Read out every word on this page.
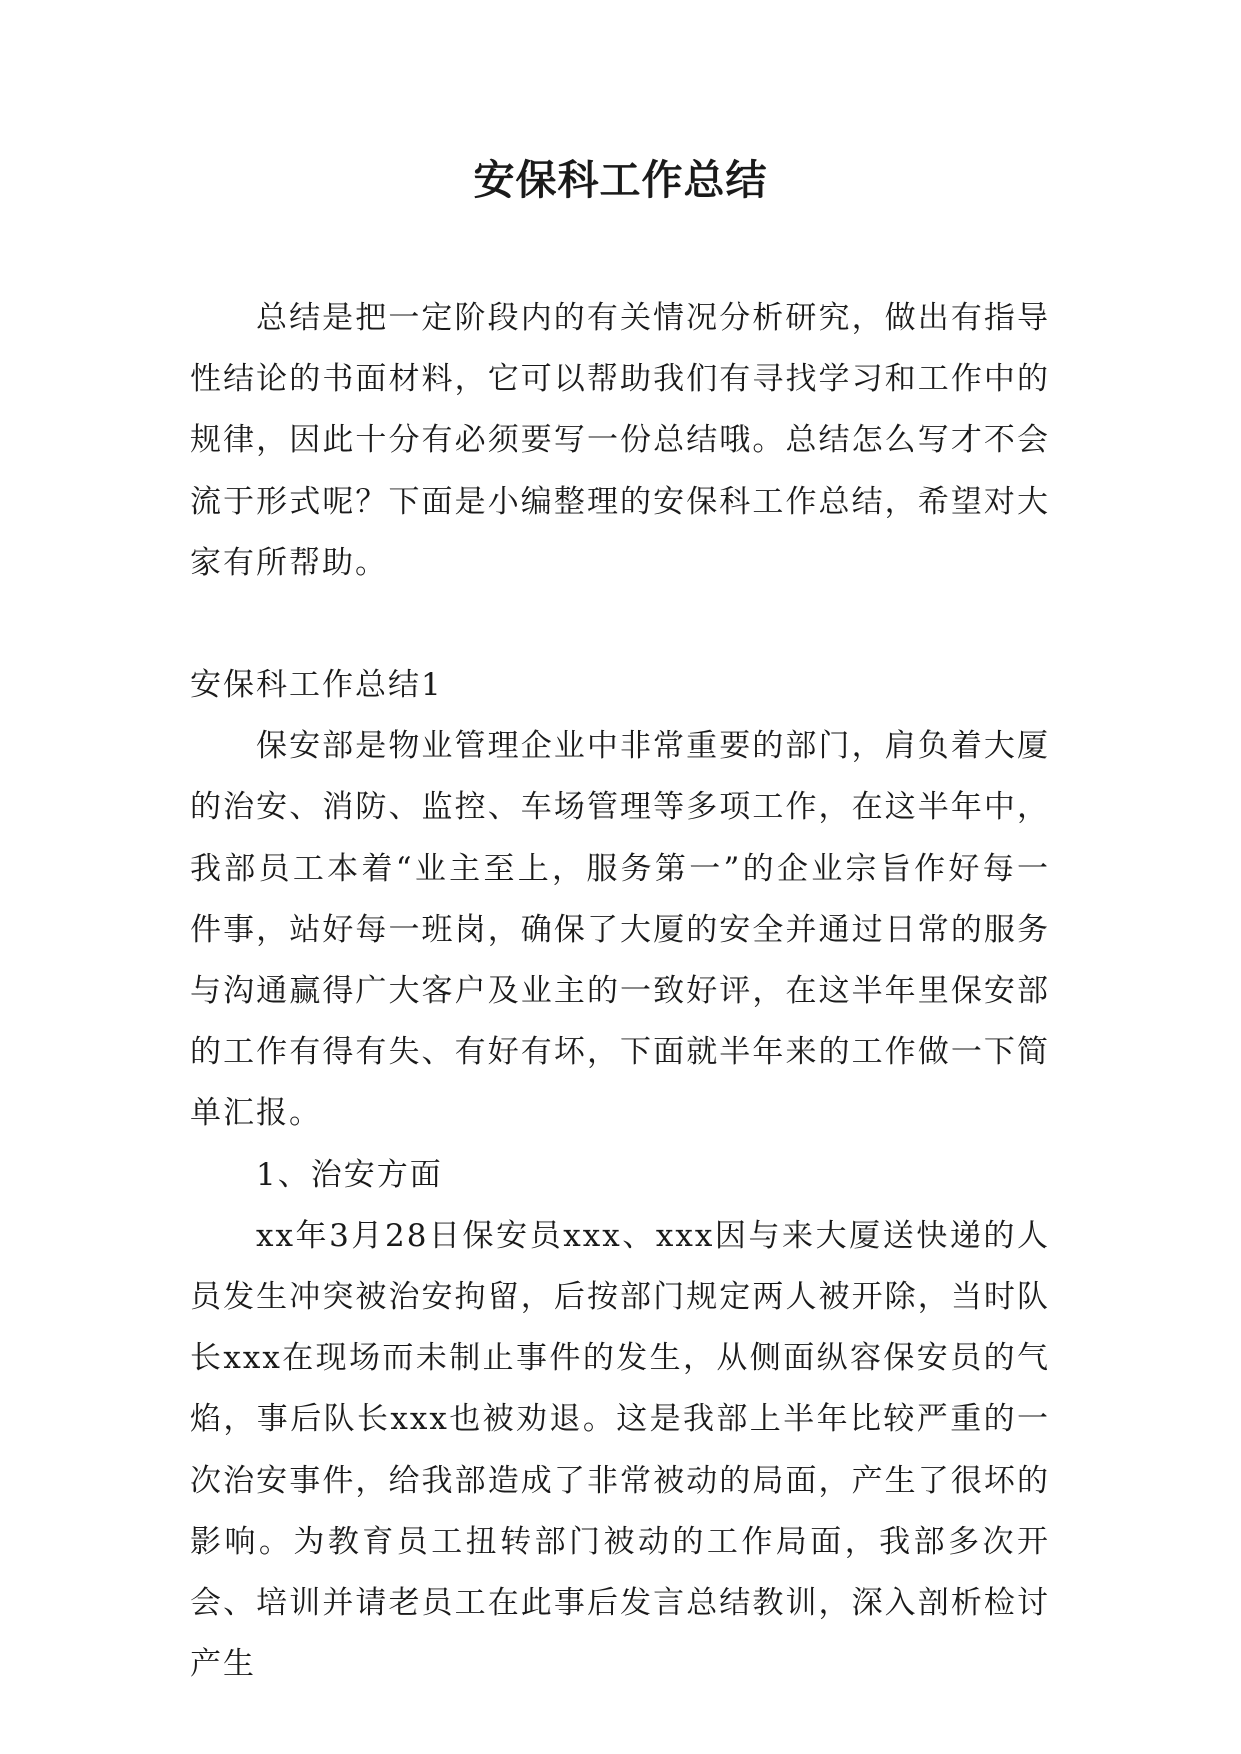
安保科工作总结

总结是把一定阶段内的有关情况分析研究，做出有指导性结论的书面材料，它可以帮助我们有寻找学习和工作中的规律，因此十分有必须要写一份总结哦。总结怎么写才不会流于形式呢？下面是小编整理的安保科工作总结，希望对大家有所帮助。

安保科工作总结1

保安部是物业管理企业中非常重要的部门，肩负着大厦的治安、消防、监控、车场管理等多项工作，在这半年中，我部员工本着“业主至上，服务第一”的企业宗旨作好每一件事，站好每一班岗，确保了大厦的安全并通过日常的服务与沟通赢得广大客户及业主的一致好评，在这半年里保安部的工作有得有失、有好有坏，下面就半年来的工作做一下简单汇报。

1、治安方面

xx年3月28日保安员xxx、xxx因与来大厦送快递的人员发生冲突被治安拘留，后按部门规定两人被开除，当时队长xxx在现场而未制止事件的发生，从侧面纵容保安员的气焰，事后队长xxx也被劝退。这是我部上半年比较严重的一次治安事件，给我部造成了非常被动的局面，产生了很坏的影响。为教育员工扭转部门被动的工作局面，我部多次开会、培训并请老员工在此事后发言总结教训，深入剖析检讨产生
